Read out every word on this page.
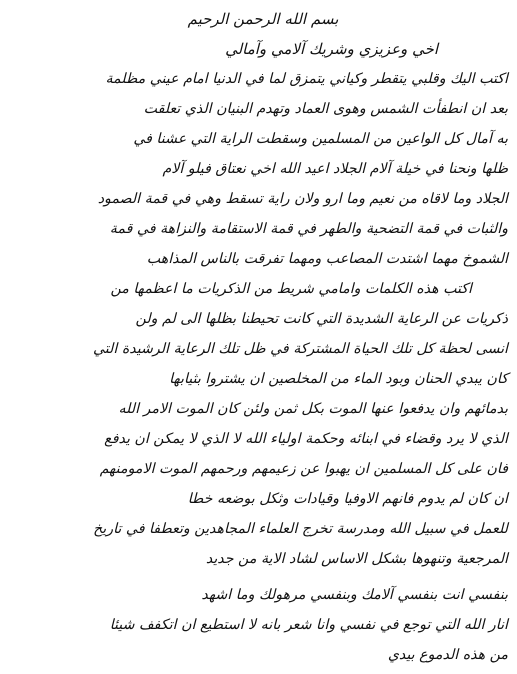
بسم الله الرحمن الرحيم
اخي وعزيزي وشريك آلامي وآمالي
اكتب اليك وقلبي يتقطر وكياني يتمزق لما في الدنيا امام عيني مظلمة
بعد ان انطفأت الشمس وهوى العماد وتهدم البنيان الذي تعلقت
به آمال كل الواعين من المسلمين وسقطت الراية التي عشنا في
ظلها ونحنا في خيلة آلام الجلاد اعيد الله اخي نعتاق فيلو آلام
الجلاد وما لاقاه من نعيم وما ارو ولان راية تسقط وهي في قمة الصمود
والثبات في قمة التضحية والطهر في قمة الاستقامة والنزاهة في قمة
الشموخ مهما اشتدت المصاعب ومهما تفرقت بالناس المذاهب
اكتب هذه الكلمات وامامي شريط من الذكريات ما اعظمها من
ذكريات عن الرعاية الشديدة التي كانت تحيطنا بظلها الى لم ولن
انسى لحظة كل تلك الحياة المشتركة في ظل تلك الرعاية الرشيدة التي
كان يبدي الحنان وبود الماء من المخلصين ان يشتروا بثيابها
بدمائهم وان يدفعوا عنها الموت بكل ثمن ولئن كان الموت الامر الله
الذي لا يرد وقضاء في ابنائه وحكمة اولياء الله لا الذي لا يمكن ان يدفع
فان على كل المسلمين ان يهبوا عن زعيمهم ورحمهم الموت الامومنهم
ان كان لم يدوم فانهم الاوفيا وقيادات وثكل بوضعه خطا
للعمل في سبيل الله ومدرسة تخرج العلماء المجاهدين وتعطفا في تاريخ
المرجعية وتنهوها بشكل الاساس لشاد الاية من جديد
بنفسي انت بنفسي آلامك وبنفسي مرهولك وما اشهد
انار الله التي توجع في نفسي وانا شعر بانه لا استطيع ان اتكفف شيئا
من هذه الدموع بيدي
